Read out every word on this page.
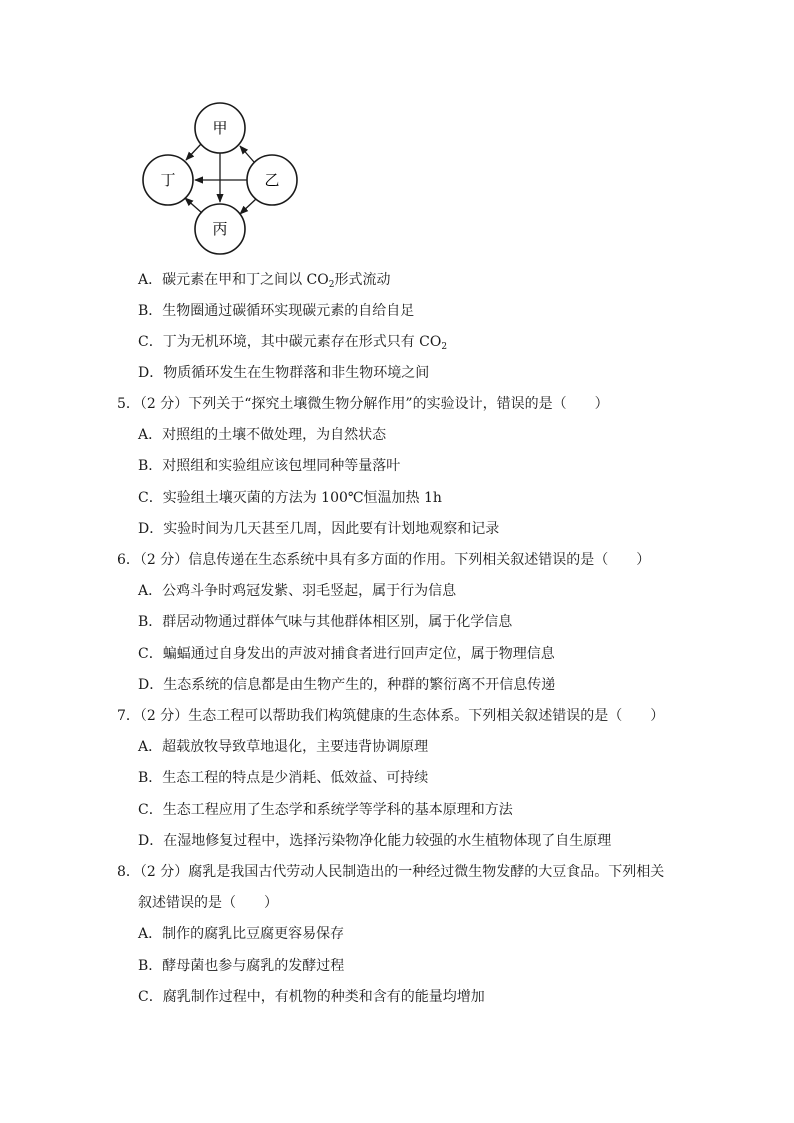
甲
丁	乙
丙
A．碳元素在甲和丁之间以 $CO_2$形式流动
B．生物圈通过碳循环实现碳元素的自给自足
C．丁为无机环境，其中碳元素存在形式只有 $CO_2$
D．物质循环发生在生物群落和非生物环境之间
5．（2 分）下列关于“探究土壤微生物分解作用”的实验设计，错误的是（　　）
A．对照组的土壤不做处理，为自然状态
B．对照组和实验组应该包埋同种等量落叶
C．实验组土壤灭菌的方法为 100℃恒温加热 1h
D．实验时间为几天甚至几周，因此要有计划地观察和记录
6．（2 分）信息传递在生态系统中具有多方面的作用。下列相关叙述错误的是（　　）
A．公鸡斗争时鸡冠发紫、羽毛竖起，属于行为信息
B．群居动物通过群体气味与其他群体相区别，属于化学信息
C．蝙蝠通过自身发出的声波对捕食者进行回声定位，属于物理信息
D．生态系统的信息都是由生物产生的，种群的繁衍离不开信息传递
7．（2 分）生态工程可以帮助我们构筑健康的生态体系。下列相关叙述错误的是（　　）
A．超载放牧导致草地退化，主要违背协调原理
B．生态工程的特点是少消耗、低效益、可持续
C．生态工程应用了生态学和系统学等学科的基本原理和方法
D．在湿地修复过程中，选择污染物净化能力较强的水生植物体现了自生原理
8．（2 分）腐乳是我国古代劳动人民制造出的一种经过微生物发酵的大豆食品。下列相关
叙述错误的是（　　）
A．制作的腐乳比豆腐更容易保存
B．酵母菌也参与腐乳的发酵过程
C．腐乳制作过程中，有机物的种类和含有的能量均增加
